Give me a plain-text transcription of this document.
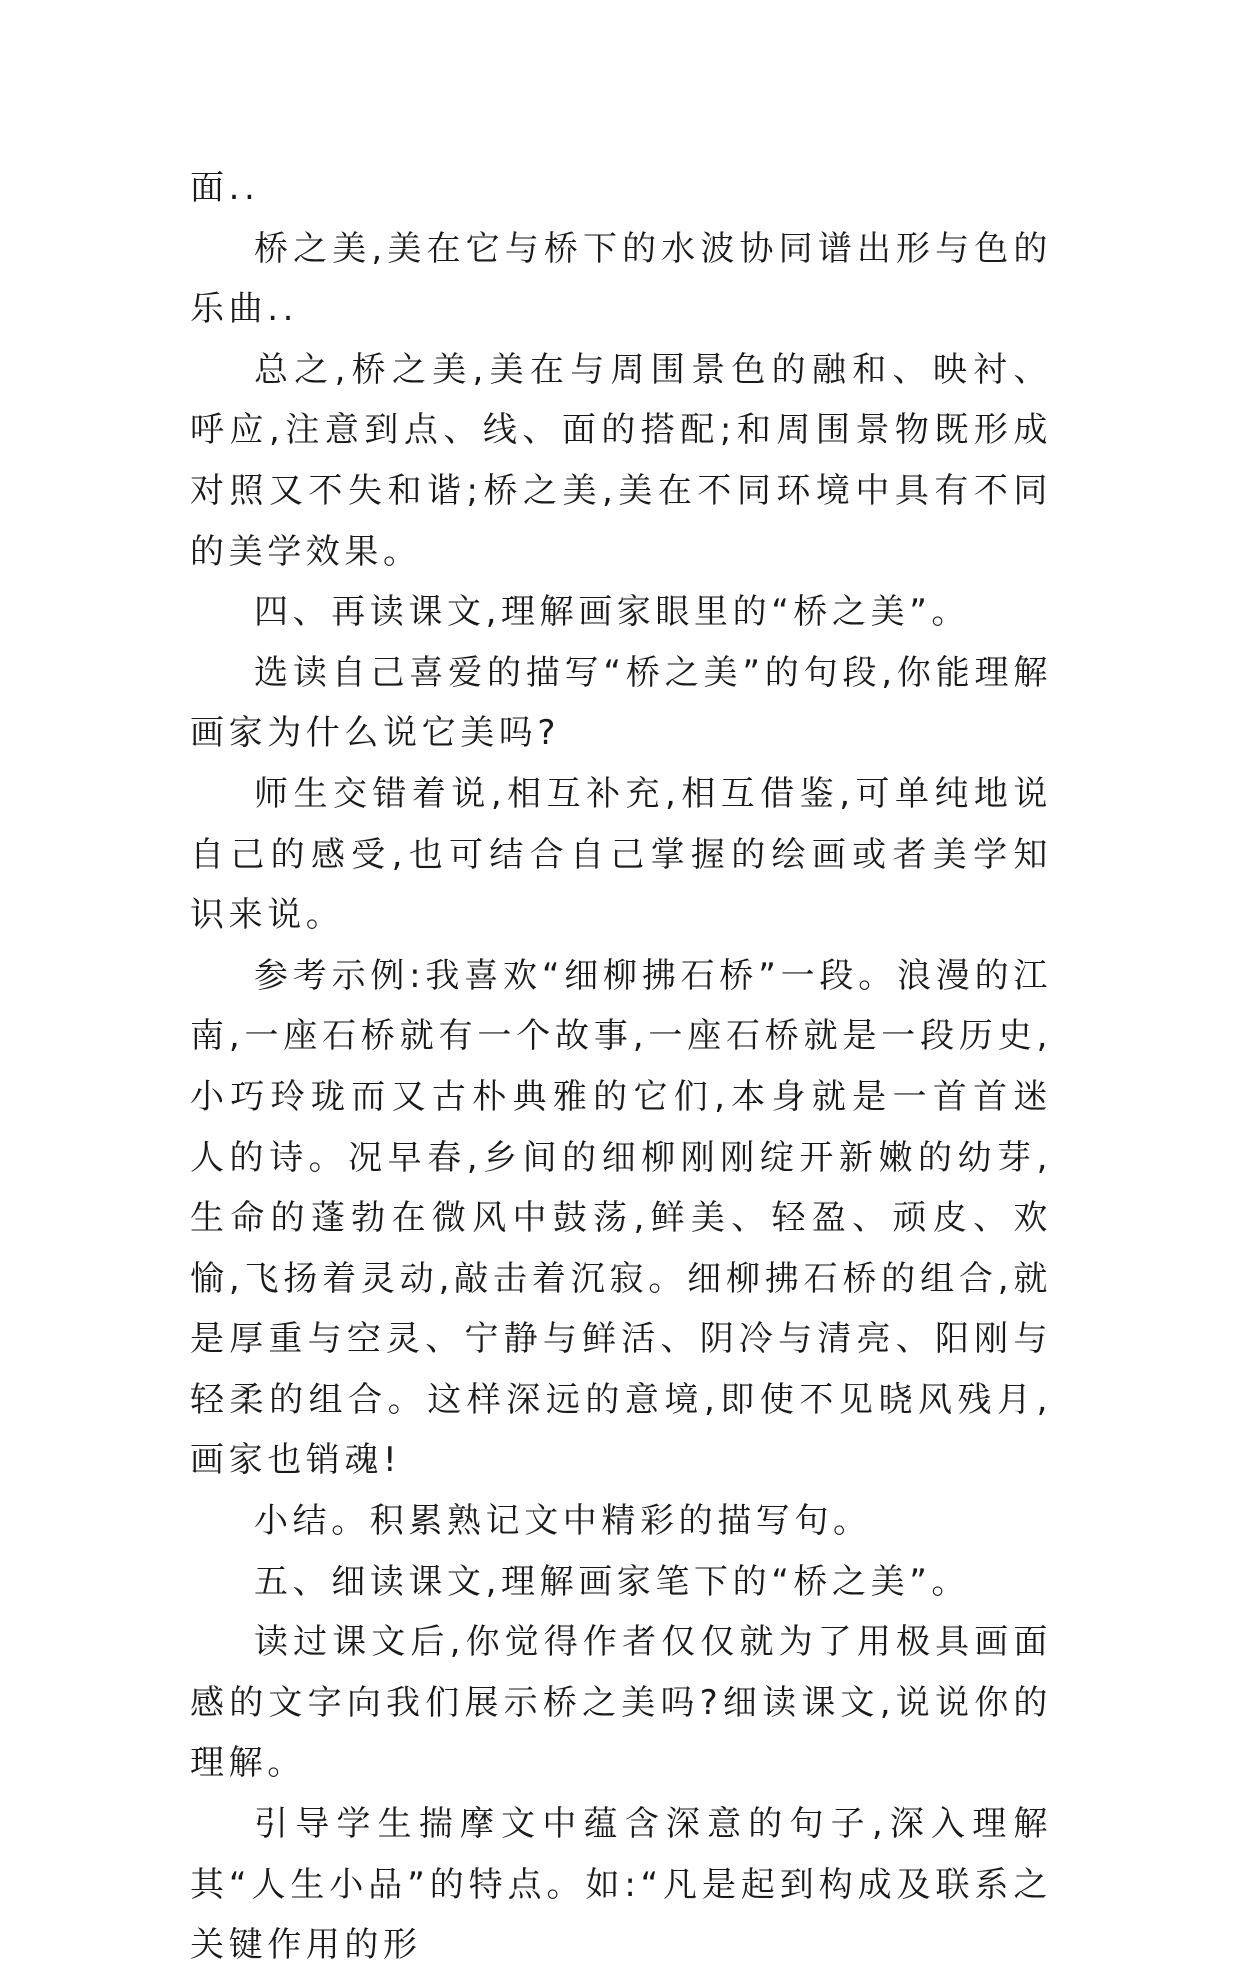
面..

桥之美,美在它与桥下的水波协同谱出形与色的乐曲..

总之,桥之美,美在与周围景色的融和、映衬、呼应,注意到点、线、面的搭配;和周围景物既形成对照又不失和谐;桥之美,美在不同环境中具有不同的美学效果。

四、再读课文,理解画家眼里的“桥之美”。

选读自己喜爱的描写“桥之美”的句段,你能理解画家为什么说它美吗?

师生交错着说,相互补充,相互借鉴,可单纯地说自己的感受,也可结合自己掌握的绘画或者美学知识来说。

参考示例:我喜欢“细柳拂石桥”一段。浪漫的江南,一座石桥就有一个故事,一座石桥就是一段历史,小巧玲珑而又古朴典雅的它们,本身就是一首首迷人的诗。况早春,乡间的细柳刚刚绽开新嫩的幼芽,生命的蓬勃在微风中鼓荡,鲜美、轻盈、顽皮、欢愉,飞扬着灵动,敲击着沉寂。细柳拂石桥的组合,就是厚重与空灵、宁静与鲜活、阴冷与清亮、阳刚与轻柔的组合。这样深远的意境,即使不见晓风残月,画家也销魂!

小结。积累熟记文中精彩的描写句。

五、细读课文,理解画家笔下的“桥之美”。

读过课文后,你觉得作者仅仅就为了用极具画面感的文字向我们展示桥之美吗?细读课文,说说你的理解。

引导学生揣摩文中蕴含深意的句子,深入理解其“人生小品”的特点。如:“凡是起到构成及联系之关键作用的形
